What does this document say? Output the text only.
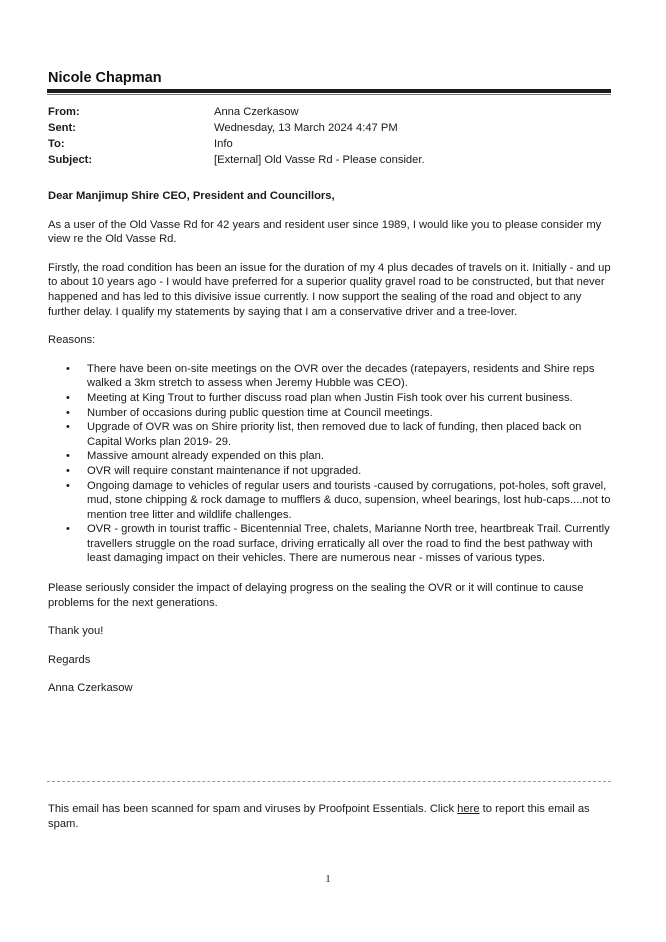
Nicole Chapman
From:	Anna Czerkasow
Sent:	Wednesday, 13 March 2024 4:47 PM
To:	Info
Subject:	[External] Old Vasse Rd - Please consider.

Dear Manjimup Shire CEO, President and Councillors,

As a user of the Old Vasse Rd for 42 years and resident user since 1989, I would like you to please consider my view re the Old Vasse Rd.

Firstly, the road condition has been an issue for the duration of my 4 plus decades of travels on it. Initially - and up to about 10 years ago - I would have preferred for a superior quality gravel road to be constructed, but that never happened and has led to this divisive issue currently. I now support the sealing of the road and object to any further delay. I qualify my statements by saying that I am a conservative driver and a tree-lover.

Reasons:

• There have been on-site meetings on the OVR over the decades (ratepayers, residents and Shire reps walked a 3km stretch to assess when Jeremy Hubble was CEO).
• Meeting at King Trout to further discuss road plan when Justin Fish took over his current business.
• Number of occasions during public question time at Council meetings.
• Upgrade of OVR was on Shire priority list, then removed due to lack of funding, then placed back on Capital Works plan 2019- 29.
• Massive amount already expended on this plan.
• OVR will require constant maintenance if not upgraded.
• Ongoing damage to vehicles of regular users and tourists -caused by corrugations, pot-holes, soft gravel, mud, stone chipping & rock damage to mufflers & duco, supension, wheel bearings, lost hub-caps....not to mention tree litter and wildlife challenges.
• OVR - growth in tourist traffic - Bicentennial Tree, chalets, Marianne North tree, heartbreak Trail. Currently travellers struggle on the road surface, driving erratically all over the road to find the best pathway with least damaging impact on their vehicles. There are numerous near - misses of various types.

Please seriously consider the impact of delaying progress on the sealing the OVR or it will continue to cause problems for the next generations.

Thank you!

Regards

Anna Czerkasow

This email has been scanned for spam and viruses by Proofpoint Essentials. Click here to report this email as spam.
1
